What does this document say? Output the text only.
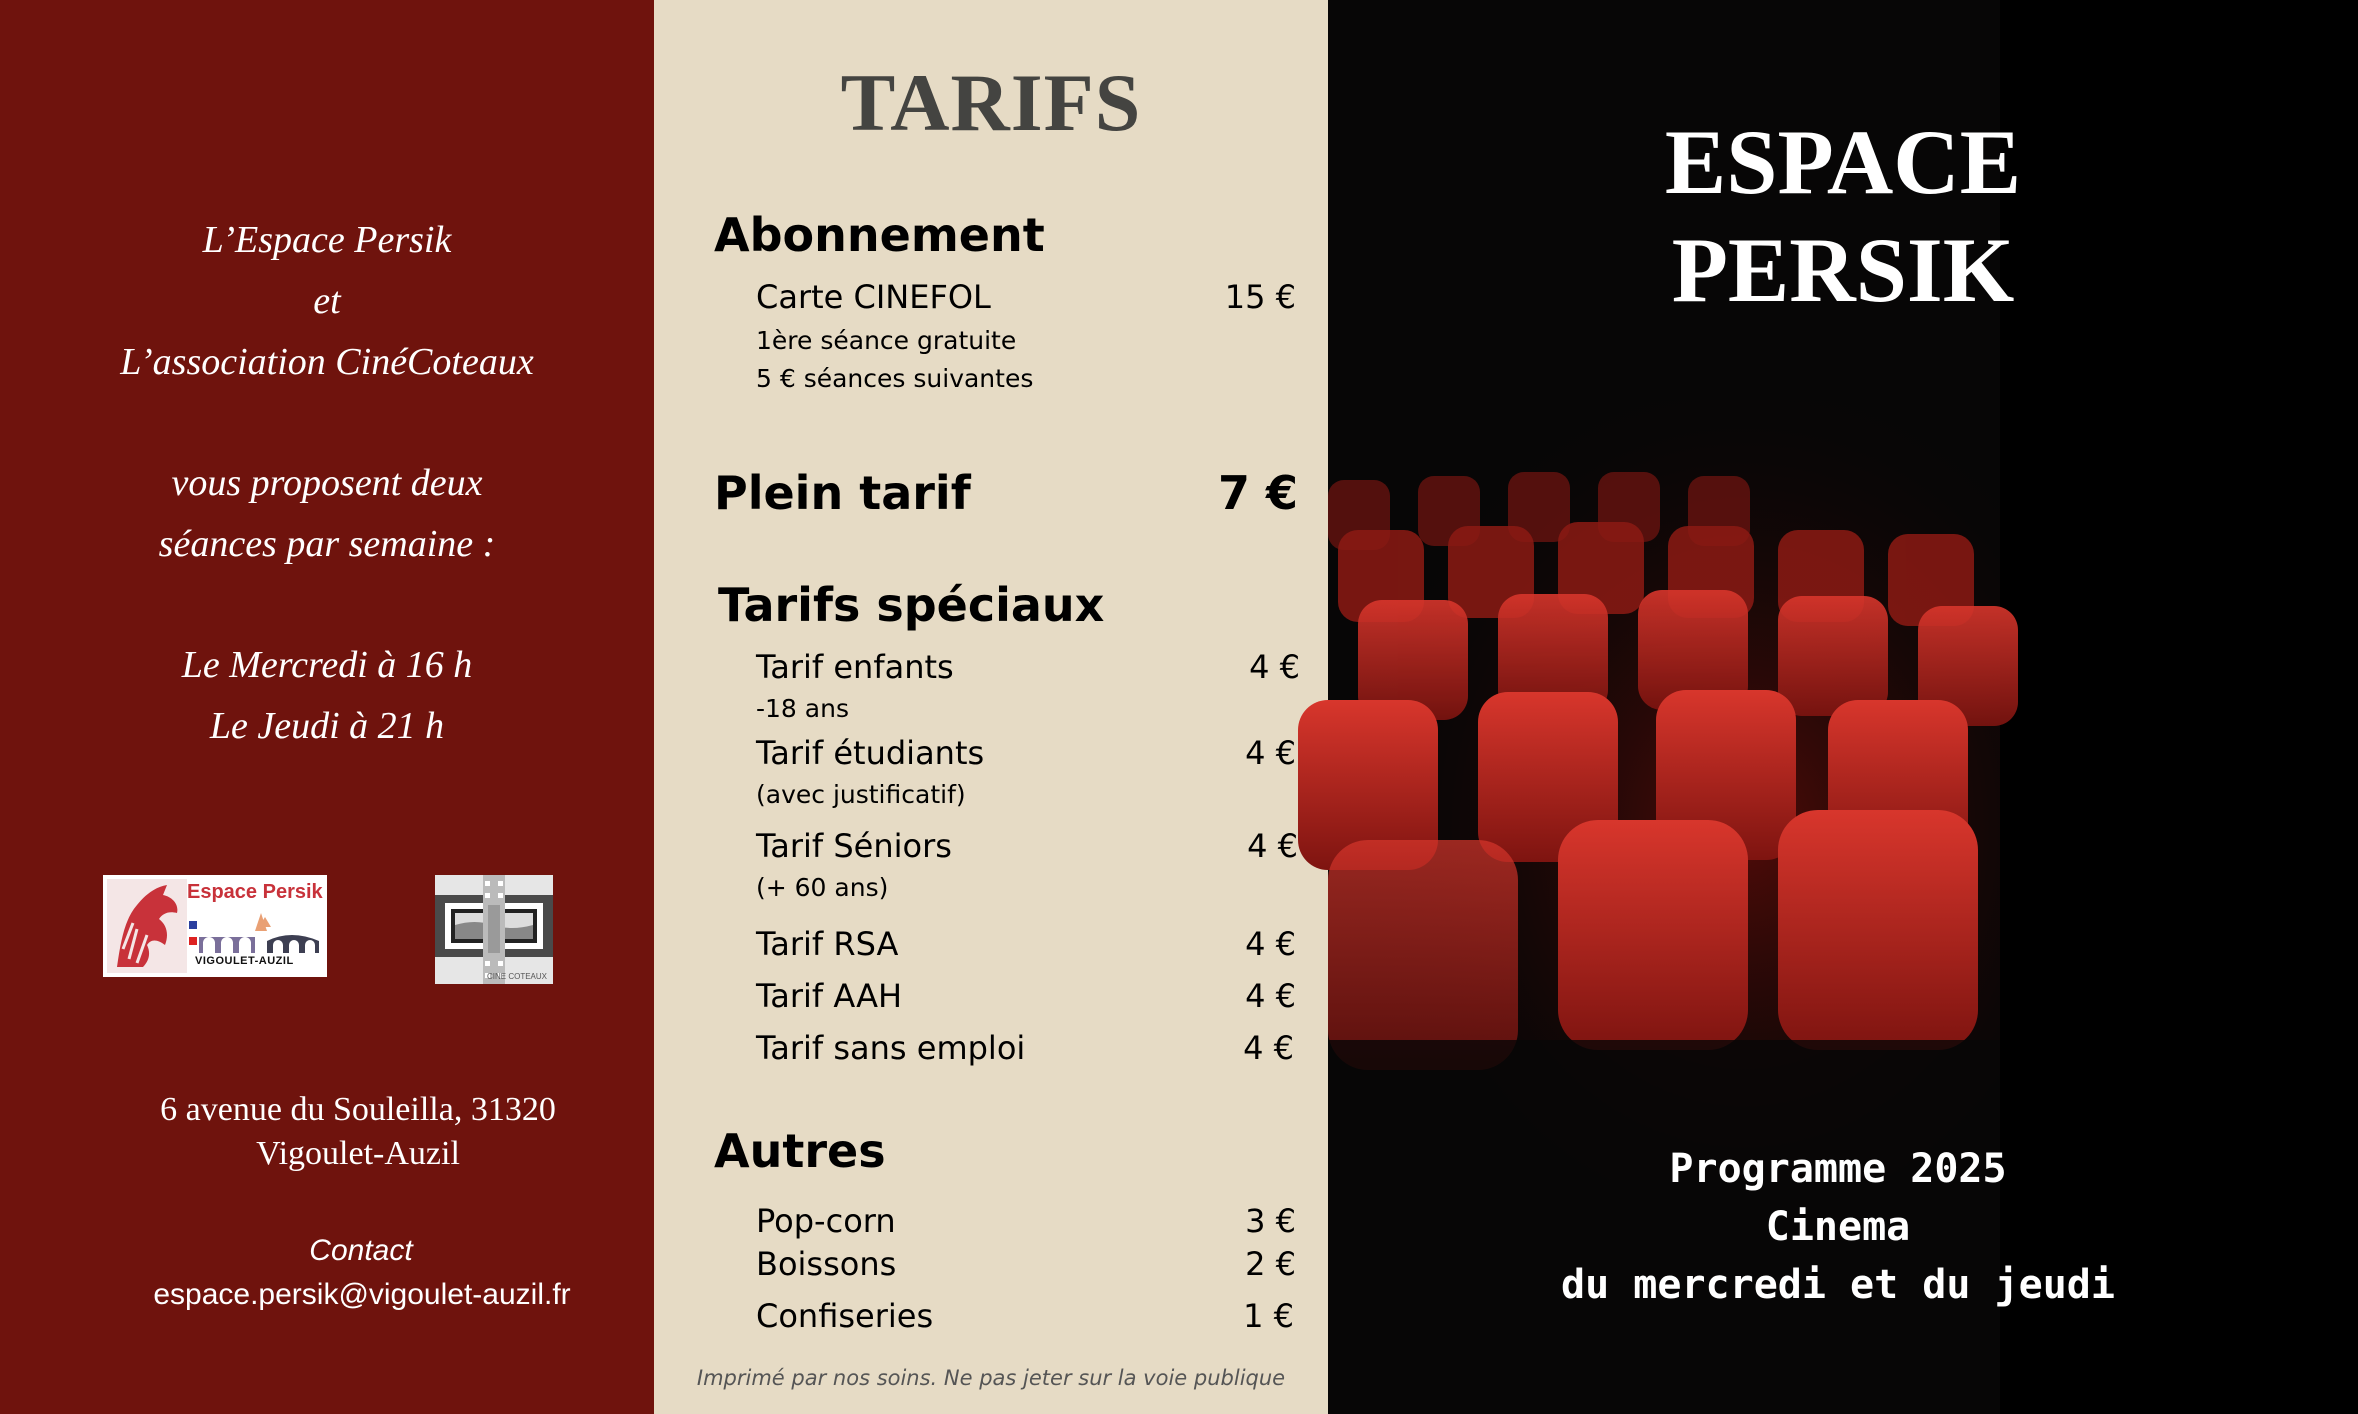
L’Espace Persik
et
L’association CinéCoteaux
vous proposent deux
séances par semaine :
Le Mercredi à 16 h
Le Jeudi à 21 h
Espace Persik
VIGOULET-AUZIL
CINE COTEAUX
6 avenue du Souleilla, 31320
Vigoulet-Auzil
Contact
espace.persik@vigoulet-auzil.fr
TARIFS
Abonnement
Carte CINEFOL	15 €
1ère séance gratuite
5 € séances suivantes
Plein tarif	7 €
Tarifs spéciaux
Tarif enfants	4 €
-18 ans
Tarif étudiants	4 €
(avec justificatif)
Tarif Séniors	4 €
(+ 60 ans)
Tarif RSA	4 €
Tarif AAH	4 €
Tarif sans emploi	4 €
Autres
Pop-corn	3 €
Boissons	2 €
Confiseries	1 €
Imprimé par nos soins. Ne pas jeter sur la voie publique
ESPACE
PERSIK
Programme 2025
Cinema
du mercredi et du jeudi
